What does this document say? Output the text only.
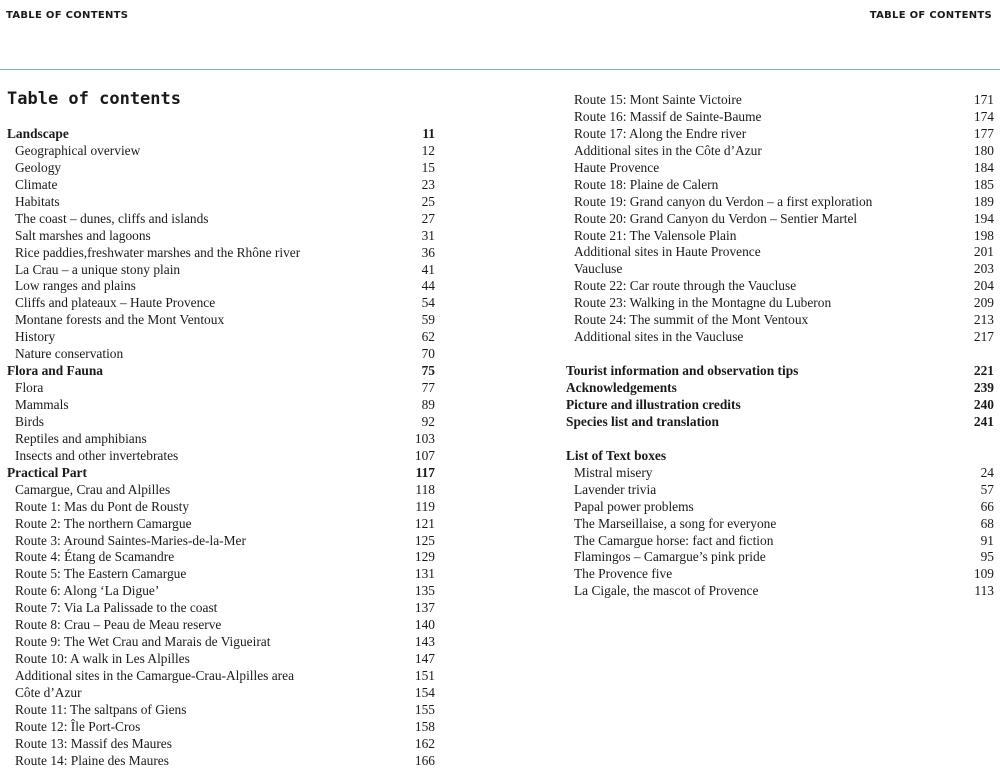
TABLE OF CONTENTS	TABLE OF CONTENTS
Table of contents
Landscape	11
Geographical overview	12
Geology	15
Climate	23
Habitats	25
The coast – dunes, cliffs and islands	27
Salt marshes and lagoons	31
Rice paddies,freshwater marshes and the Rhône river	36
La Crau – a unique stony plain	41
Low ranges and plains	44
Cliffs and plateaux – Haute Provence	54
Montane forests and the Mont Ventoux	59
History	62
Nature conservation	70
Flora and Fauna	75
Flora	77
Mammals	89
Birds	92
Reptiles and amphibians	103
Insects and other invertebrates	107
Practical Part	117
Camargue, Crau and Alpilles	118
Route 1: Mas du Pont de Rousty	119
Route 2: The northern Camargue	121
Route 3: Around Saintes-Maries-de-la-Mer	125
Route 4: Étang de Scamandre	129
Route 5: The Eastern Camargue	131
Route 6: Along ‘La Digue’	135
Route 7: Via La Palissade to the coast	137
Route 8: Crau – Peau de Meau reserve	140
Route 9: The Wet Crau and Marais de Vigueirat	143
Route 10: A walk in Les Alpilles	147
Additional sites in the Camargue-Crau-Alpilles area	151
Côte d’Azur	154
Route 11: The saltpans of Giens	155
Route 12: Île Port-Cros	158
Route 13: Massif des Maures	162
Route 14: Plaine des Maures	166
Route 15: Mont Sainte Victoire	171
Route 16: Massif de Sainte-Baume	174
Route 17: Along the Endre river	177
Additional sites in the Côte d’Azur	180
Haute Provence	184
Route 18: Plaine de Calern	185
Route 19: Grand canyon du Verdon – a first exploration	189
Route 20: Grand Canyon du Verdon – Sentier Martel	194
Route 21: The Valensole Plain	198
Additional sites in Haute Provence	201
Vaucluse	203
Route 22: Car route through the Vaucluse	204
Route 23: Walking in the Montagne du Luberon	209
Route 24: The summit of the Mont Ventoux	213
Additional sites in the Vaucluse	217
Tourist information and observation tips	221
Acknowledgements	239
Picture and illustration credits	240
Species list and translation	241
List of Text boxes
Mistral misery	24
Lavender trivia	57
Papal power problems	66
The Marseillaise, a song for everyone	68
The Camargue horse: fact and fiction	91
Flamingos – Camargue’s pink pride	95
The Provence five	109
La Cigale, the mascot of Provence	113
